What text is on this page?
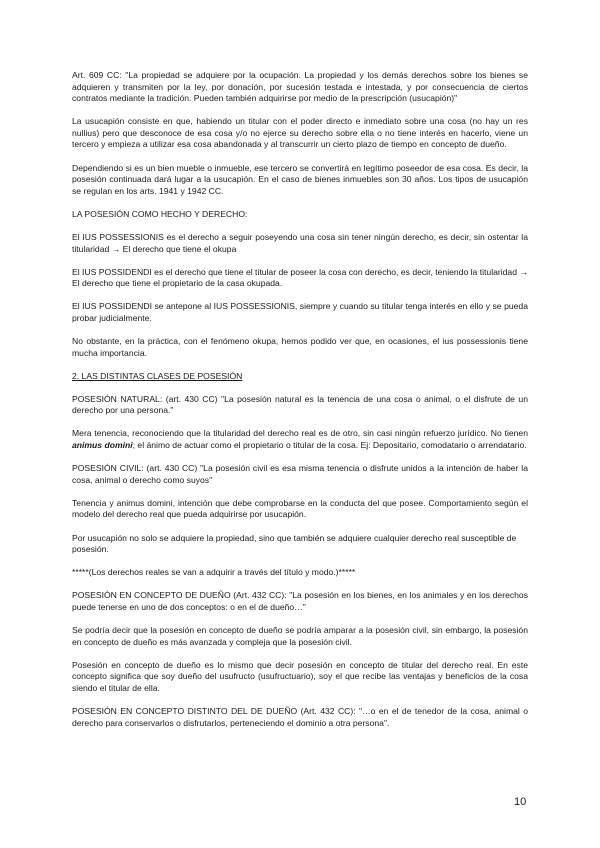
Art. 609 CC: "La propiedad se adquiere por la ocupación. La propiedad y los demás derechos sobre los bienes se adquieren y transmiten por la ley, por donación, por sucesión testada e intestada, y por consecuencia de ciertos contratos mediante la tradición. Pueden también adquirirse por medio de la prescripción (usucapión)"

La usucapión consiste en que, habiendo un titular con el poder directo e inmediato sobre una cosa (no hay un res nullius) pero que desconoce de esa cosa y/o no ejerce su derecho sobre ella o no tiene interés en hacerlo, viene un tercero y empieza a utilizar esa cosa abandonada y al transcurrir un cierto plazo de tiempo en concepto de dueño.

Dependiendo si es un bien mueble o inmueble, ese tercero se convertirá en legítimo poseedor de esa cosa. Es decir, la posesión continuada dará lugar a la usucapión. En el caso de bienes inmuebles son 30 años. Los tipos de usucapión se regulan en los arts. 1941 y 1942 CC.

LA POSESIÓN COMO HECHO Y DERECHO:

El IUS POSSESSIONIS es el derecho a seguir poseyendo una cosa sin tener ningún derecho, es decir, sin ostentar la titularidad → El derecho que tiene el okupa

El IUS POSSIDENDI es el derecho que tiene el titular de poseer la cosa con derecho, es decir, teniendo la titularidad → El derecho que tiene el propietario de la casa okupada.

El IUS POSSIDENDI se antepone al IUS POSSESSIONIS, siempre y cuando su titular tenga interés en ello y se pueda probar judicialmente.

No obstante, en la práctica, con el fenómeno okupa, hemos podido ver que, en ocasiones, el ius possessionis tiene mucha importancia.

2. LAS DISTINTAS CLASES DE POSESIÓN

POSESIÓN NATURAL: (art. 430 CC) "La posesión natural es la tenencia de una cosa o animal, o el disfrute de un derecho por una persona."

Mera tenencia, reconociendo que la titularidad del derecho real es de otro, sin casi ningún refuerzo jurídico. No tienen animus domini; el ánimo de actuar como el propietario o titular de la cosa. Ej: Depositario, comodatario o arrendatario.

POSESIÓN CIVIL: (art. 430 CC) "La posesión civil es esa misma tenencia o disfrute unidos a la intención de haber la cosa, animal o derecho como suyos"

Tenencia y animus domini, intención que debe comprobarse en la conducta del que posee. Comportamiento según el modelo del derecho real que pueda adquirirse por usucapión.

Por usucapión no solo se adquiere la propiedad, sino que también se adquiere cualquier derecho real susceptible de posesión.

*****(Los derechos reales se van a adquirir a través del título y modo.)*****

POSESIÓN EN CONCEPTO DE DUEÑO (Art. 432 CC): "La posesión en los bienes, en los animales y en los derechos puede tenerse en uno de dos conceptos: o en el de dueño…"

Se podría decir que la posesión en concepto de dueño se podría amparar a la posesión civil, sin embargo, la posesión en concepto de dueño es más avanzada y compleja que la posesión civil.

Posesión en concepto de dueño es lo mismo que decir posesión en concepto de titular del derecho real. En este concepto significa que soy dueño del usufructo (usufructuario), soy el que recibe las ventajas y beneficios de la cosa siendo el titular de ella.

POSESIÓN EN CONCEPTO DISTINTO DEL DE DUEÑO (Art. 432 CC): "…o en el de tenedor de la cosa, animal o derecho para conservarlos o disfrutarlos, perteneciendo el dominio a otra persona".

10
